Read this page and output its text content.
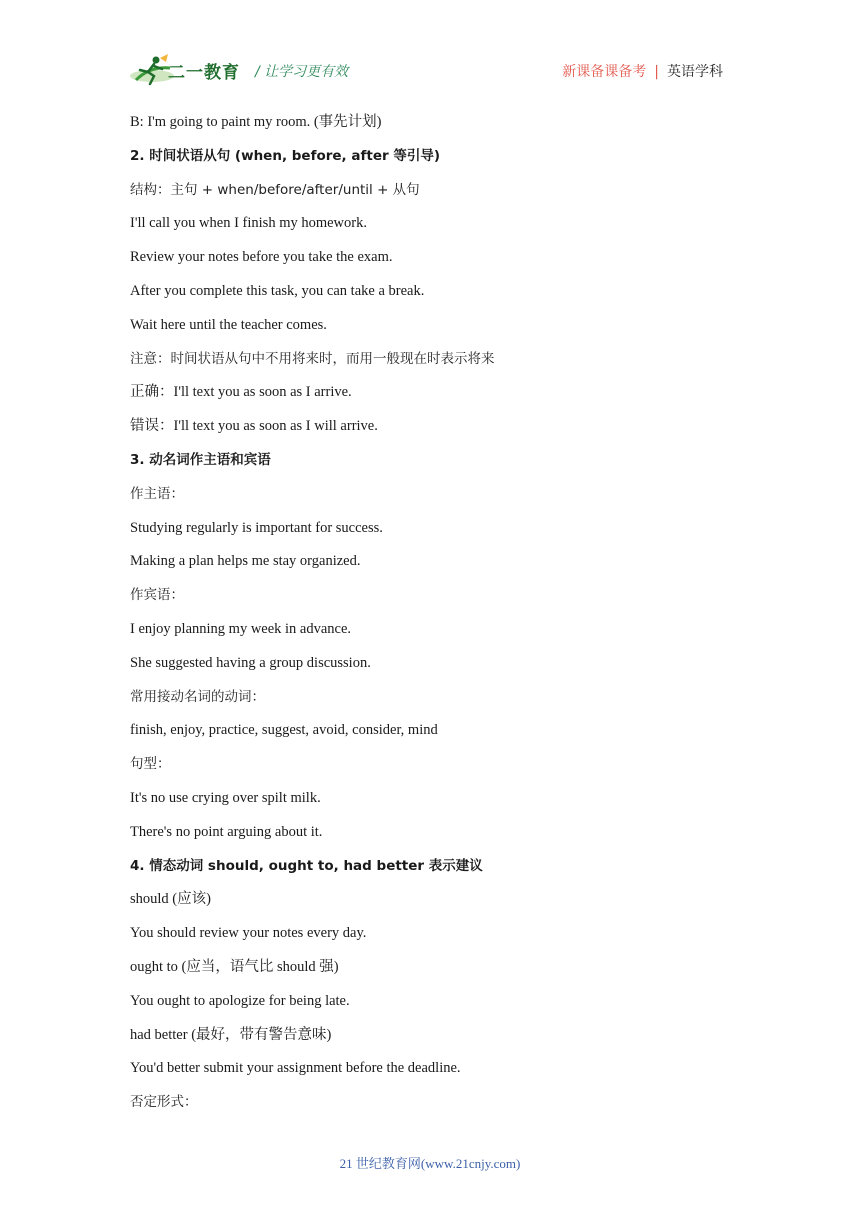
二一教育 / 让学习更有效	新课备课备考 | 英语学科
B: I'm going to paint my room. (事先计划)
2. 时间状语从句 (when, before, after 等引导)
结构：主句 + when/before/after/until + 从句
I'll call you when I finish my homework.
Review your notes before you take the exam.
After you complete this task, you can take a break.
Wait here until the teacher comes.
注意：时间状语从句中不用将来时，而用一般现在时表示将来
正确：I'll text you as soon as I arrive.
错误：I'll text you as soon as I will arrive.
3. 动名词作主语和宾语
作主语：
Studying regularly is important for success.
Making a plan helps me stay organized.
作宾语：
I enjoy planning my week in advance.
She suggested having a group discussion.
常用接动名词的动词：
finish, enjoy, practice, suggest, avoid, consider, mind
句型：
It's no use crying over spilt milk.
There's no point arguing about it.
4. 情态动词 should, ought to, had better 表示建议
should (应该)
You should review your notes every day.
ought to (应当，语气比 should 强)
You ought to apologize for being late.
had better (最好，带有警告意味)
You'd better submit your assignment before the deadline.
否定形式：
21 世纪教育网(www.21cnjy.com)
